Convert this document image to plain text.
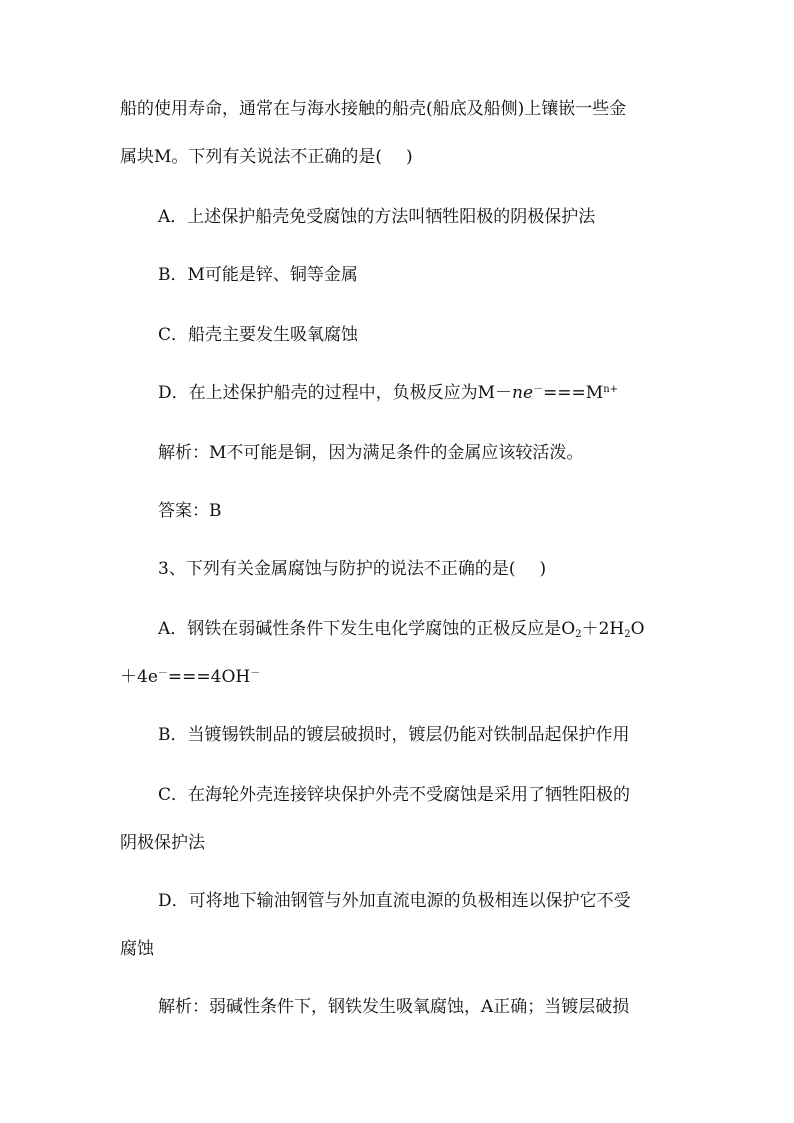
船的使用寿命，通常在与海水接触的船壳(船底及船侧)上镶嵌一些金
属块M。下列有关说法不正确的是( )
A．上述保护船壳免受腐蚀的方法叫牺牲阳极的阴极保护法
B．M可能是锌、铜等金属
C．船壳主要发生吸氧腐蚀
D．在上述保护船壳的过程中，负极反应为$M-ne^-===M^{n+}$
解析：M不可能是铜，因为满足条件的金属应该较活泼。
答案：B
3、下列有关金属腐蚀与防护的说法不正确的是( )
A．钢铁在弱碱性条件下发生电化学腐蚀的正极反应是$O_2+2H_2O$
＋4e－===4OH－
B．当镀锡铁制品的镀层破损时，镀层仍能对铁制品起保护作用
C．在海轮外壳连接锌块保护外壳不受腐蚀是采用了牺牲阳极的
阴极保护法
D．可将地下输油钢管与外加直流电源的负极相连以保护它不受
腐蚀
解析：弱碱性条件下，钢铁发生吸氧腐蚀，A正确；当镀层破损
